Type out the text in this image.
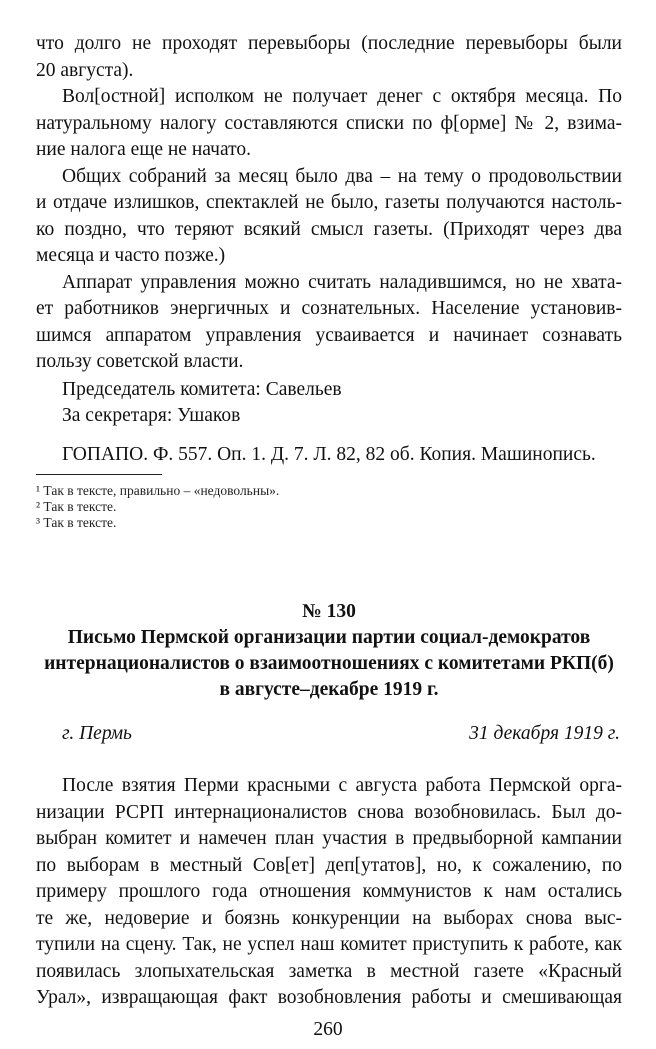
что долго не проходят перевыборы (последние перевыборы были
20 августа).
Вол[остной] исполком не получает денег с октября месяца. По
натуральному налогу составляются списки по ф[орме] № 2, взима-
ние налога еще не начато.
Общих собраний за месяц было два – на тему о продовольствии
и отдаче излишков, спектаклей не было, газеты получаются настоль-
ко поздно, что теряют всякий смысл газеты. (Приходят через два
месяца и часто позже.)
Аппарат управления можно считать наладившимся, но не хвата-
ет работников энергичных и сознательных. Население установив-
шимся аппаратом управления усваивается и начинает сознавать
пользу советской власти.
Председатель комитета: Савельев
За секретаря: Ушаков
ГОПАПО. Ф. 557. Оп. 1. Д. 7. Л. 82, 82 об. Копия. Машинопись.
¹ Так в тексте, правильно – «недовольны».
² Так в тексте.
³ Так в тексте.
№ 130
Письмо Пермской организации партии социал-демократов
интернационалистов о взаимоотношениях с комитетами РКП(б)
в августе–декабре 1919 г.
г. Пермь	31 декабря 1919 г.
После взятия Перми красными с августа работа Пермской орга-
низации РСРП интернационалистов снова возобновилась. Был до-
выбран комитет и намечен план участия в предвыборной кампании
по выборам в местный Сов[ет] деп[утатов], но, к сожалению, по
примеру прошлого года отношения коммунистов к нам остались
те же, недоверие и боязнь конкуренции на выборах снова выс-
тупили на сцену. Так, не успел наш комитет приступить к работе, как
появилась злопыхательская заметка в местной газете «Красный
Урал», извращающая факт возобновления работы и смешивающая
260
